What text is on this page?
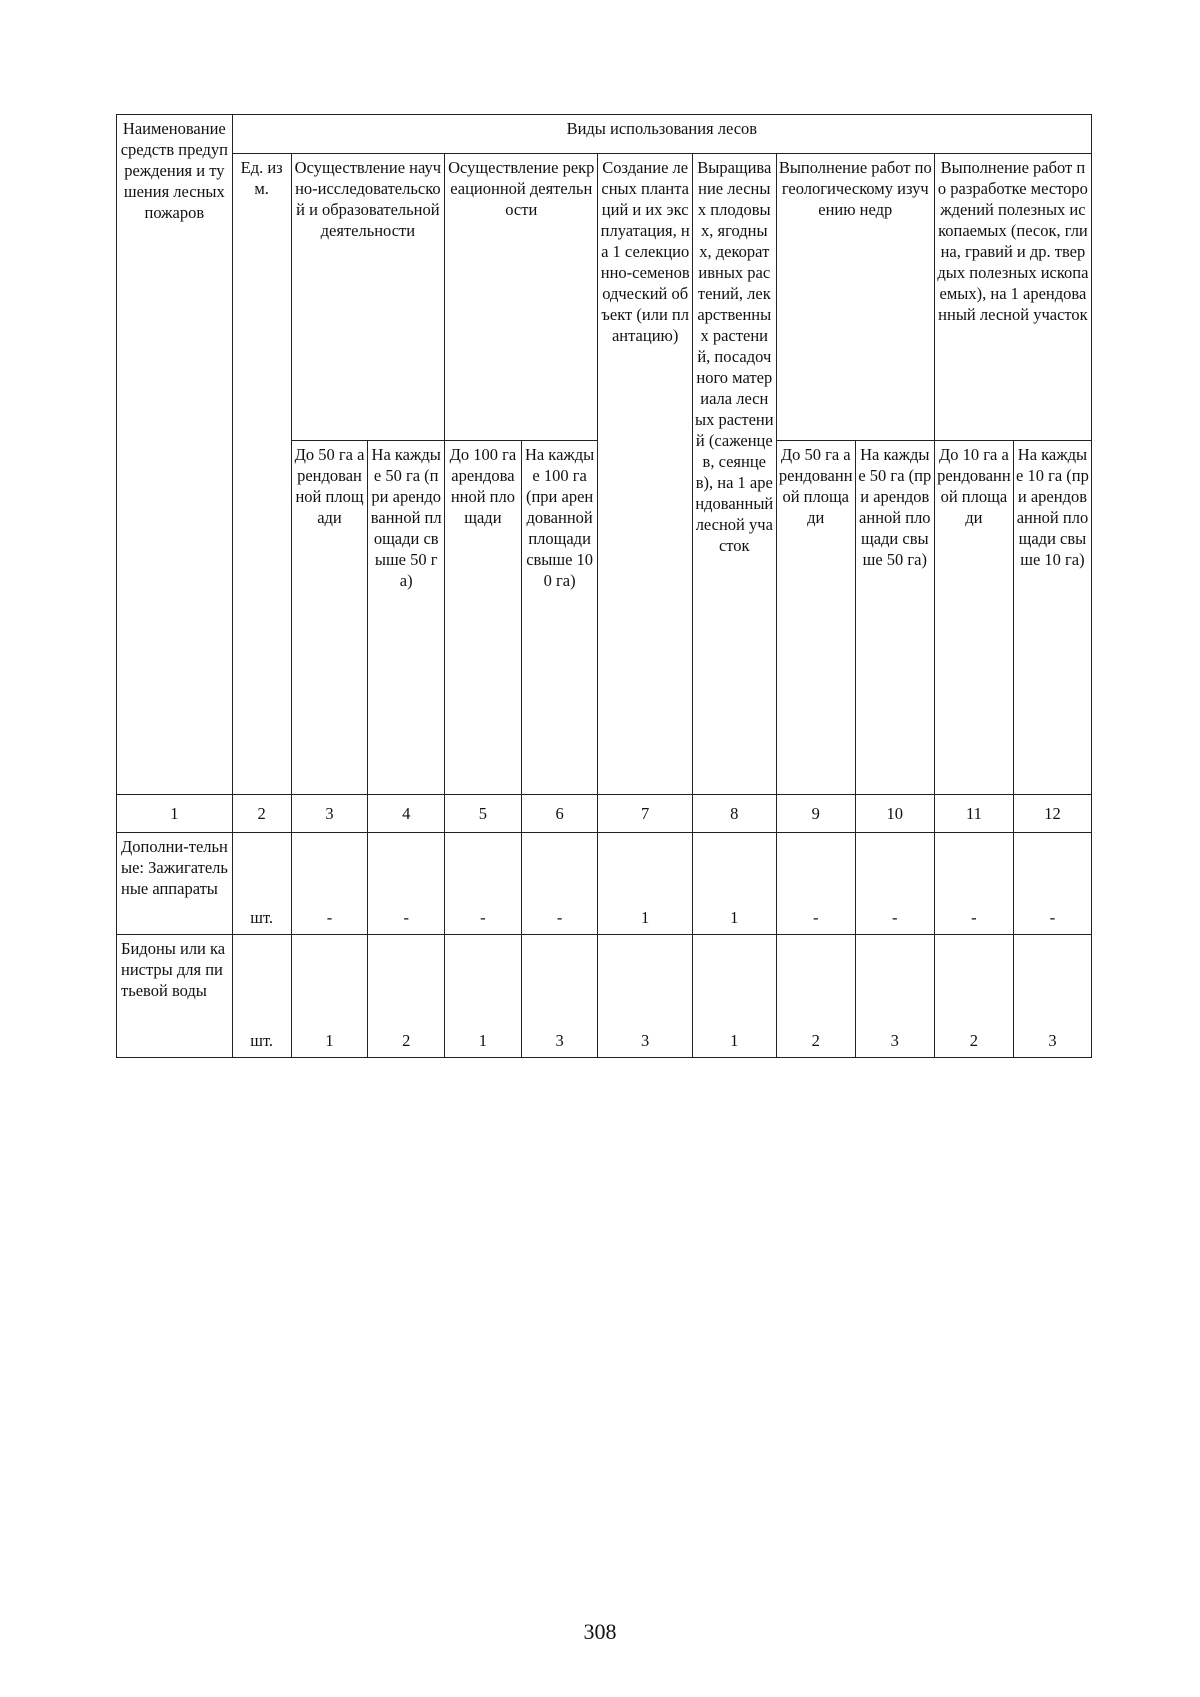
Наименование средств предупреждения и тушения лесных пожаров	Виды использования лесов										
	Ед. изм.	Осуществление научно-исследовательской и образовательной деятельности		Осуществление рекреационной деятельности		Создание лесных плантаций и их эксплуатация, на 1 селекционно-семеноводческий объект (или плантацию)	Выращивание лесных плодовых, ягодных, декоративных растений, лекарственных растений, посадочного материала лесных растений (саженцев, сеянцев), на 1 арендованный лесной участок	Выполнение работ по геологическому изучению недр		Выполнение работ по разработке месторождений полезных ископаемых (песок, глина, гравий и др. твердых полезных ископаемых), на 1 арендованный лесной участок	
		До 50 га арендованной площади	На каждые 50 га (при арендованной площади свыше 50 га)	До 100 га арендованной площади	На каждые 100 га (при арендованной площади свыше 100 га)			До 50 га арендованной площади	На каждые 50 га (при арендованной площади свыше 50 га)	До 10 га арендованной площади	На каждые 10 га (при арендованной площади свыше 10 га)
1	2	3	4	5	6	7	8	9	10	11	12
Дополни-тельные: Зажигательные аппараты	шт.	-	-	-	-	1	1	-	-	-	-
Бидоны или канистры для питьевой воды	шт.	1	2	1	3	3	1	2	3	2	3
308
